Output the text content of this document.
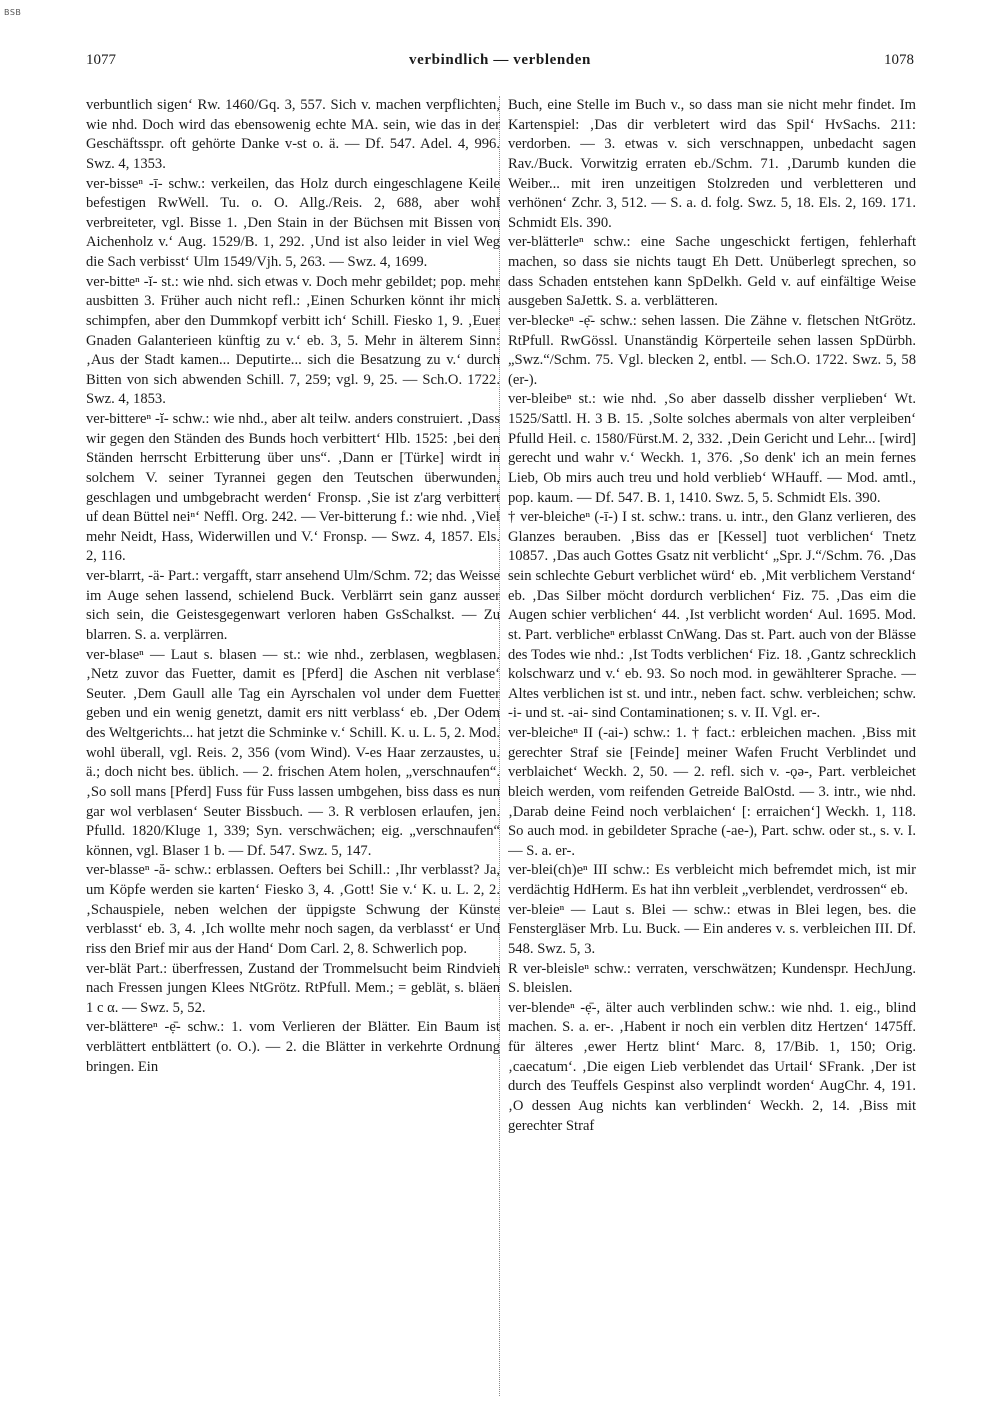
BSB
1077	verbindlich — verblenden	1078

verbuntlich sigen‘ Rw. 1460/Gq. 3, 557. Sich v. machen verpflichten, wie nhd. Doch wird das ebensowenig echte MA. sein, wie das in der Geschäftsspr. oft gehörte Danke v-st o. ä. — Df. 547. Adel. 4, 996. Swz. 4, 1353.

ver-bisseⁿ -ī- schw.: verkeilen, das Holz durch eingeschlagene Keile befestigen RwWell. Tu. o. O. Allg./Reis. 2, 688, aber wohl verbreiteter, vgl. Bisse 1. ‚Den Stain in der Büchsen mit Bissen von Aichenholz v.‘ Aug. 1529/B. 1, 292. ‚Und ist also leider in viel Weg die Sach verbisst‘ Ulm 1549/Vjh. 5, 263. — Swz. 4, 1699.

ver-bitteⁿ -ĭ- st.: wie nhd. sich etwas v. Doch mehr gebildet; pop. mehr ausbitten 3. Früher auch nicht refl.: ‚Einen Schurken könnt ihr mich schimpfen, aber den Dummkopf verbitt ich‘ Schill. Fiesko 1, 9. ‚Euer Gnaden Galanterieen künftig zu v.‘ eb. 3, 5. Mehr in älterem Sinn: ‚Aus der Stadt kamen... Deputirte... sich die Besatzung zu v.‘ durch Bitten von sich abwenden Schill. 7, 259; vgl. 9, 25. — Sch.O. 1722. Swz. 4, 1853.

ver-bittereⁿ -ĭ- schw.: wie nhd., aber alt teilw. anders construiert. ‚Dass wir gegen den Ständen des Bunds hoch verbittert‘ Hlb. 1525: ‚bei den Ständen herrscht Erbitterung über uns“. ‚Dann er [Türke] wirdt in solchem V. seiner Tyrannei gegen den Teutschen überwunden, geschlagen und umbgebracht werden‘ Fronsp. ‚Sie ist z'arg verbittert uf dean Büttel neiⁿ‘ Neffl. Org. 242. — Ver-bitterung f.: wie nhd. ‚Viel mehr Neidt, Hass, Widerwillen und V.‘ Fronsp. — Swz. 4, 1857. Els. 2, 116.

ver-blarrt, -ä- Part.: vergafft, starr ansehend Ulm/Schm. 72; das Weisse im Auge sehen lassend, schielend Buck. Verblärrt sein ganz ausser sich sein, die Geistesgegenwart verloren haben GsSchalkst. — Zu blarren. S. a. verplärren.

ver-blaseⁿ — Laut s. blasen — st.: wie nhd., zerblasen, wegblasen. ‚Netz zuvor das Fuetter, damit es [Pferd] die Aschen nit verblase‘ Seuter. ‚Dem Gaull alle Tag ein Ayrschalen vol under dem Fuetter geben und ein wenig genetzt, damit ers nitt verblass‘ eb. ‚Der Odem des Weltgerichts... hat jetzt die Schminke v.‘ Schill. K. u. L. 5, 2. Mod. wohl überall, vgl. Reis. 2, 356 (vom Wind). V-es Haar zerzaustes, u. ä.; doch nicht bes. üblich. — 2. frischen Atem holen, „verschnaufen“. ‚So soll mans [Pferd] Fuss für Fuss lassen umbgehen, biss dass es nun gar wol verblasen‘ Seuter Bissbuch. — 3. R verblosen erlaufen, jen. Pfulld. 1820/Kluge 1, 339; Syn. verschwächen; eig. „verschnaufen“ können, vgl. Blaser 1 b. — Df. 547. Swz. 5, 147.

ver-blasseⁿ -ă- schw.: erblassen. Oefters bei Schill.: ‚Ihr verblasst? Ja, um Köpfe werden sie karten‘ Fiesko 3, 4. ‚Gott! Sie v.‘ K. u. L. 2, 2. ‚Schauspiele, neben welchen der üppigste Schwung der Künste verblasst‘ eb. 3, 4. ‚Ich wollte mehr noch sagen, da verblasst‘ er Und riss den Brief mir aus der Hand‘ Dom Carl. 2, 8. Schwerlich pop.

ver-blät Part.: überfressen, Zustand der Trommelsucht beim Rindvieh nach Fressen jungen Klees NtGrötz. RtPfull. Mem.; = geblät, s. bläen 1 c α. — Swz. 5, 52.

ver-blättereⁿ -ẹ̄- schw.: 1. vom Verlieren der Blätter. Ein Baum ist verblättert entblättert (o. O.). — 2. die Blätter in verkehrte Ordnung bringen. Ein

Buch, eine Stelle im Buch v., so dass man sie nicht mehr findet. Im Kartenspiel: ‚Das dir verbletert wird das Spil‘ HvSachs. 211: verdorben. — 3. etwas v. sich verschnappen, unbedacht sagen Rav./Buck. Vorwitzig erraten eb./Schm. 71. ‚Darumb kunden die Weiber... mit iren unzeitigen Stolzreden und verbletteren und verhönen‘ Zchr. 3, 512. — S. a. d. folg. Swz. 5, 18. Els. 2, 169. 171. Schmidt Els. 390.

ver-blätterleⁿ schw.: eine Sache ungeschickt fertigen, fehlerhaft machen, so dass sie nichts taugt Eh Dett. Unüberlegt sprechen, so dass Schaden entstehen kann SpDelkh. Geld v. auf einfältige Weise ausgeben SaJettk. S. a. verblätteren.

ver-bleckeⁿ -ẹ̄- schw.: sehen lassen. Die Zähne v. fletschen NtGrötz. RtPfull. RwGössl. Unanständig Körperteile sehen lassen SpDürbh. „Swz.“/Schm. 75. Vgl. blecken 2, entbl. — Sch.O. 1722. Swz. 5, 58 (er-).

ver-bleibeⁿ st.: wie nhd. ‚So aber dasselb dissher verplieben‘ Wt. 1525/Sattl. H. 3 B. 15. ‚Solte solches abermals von alter verpleiben‘ Pfulld Heil. c. 1580/Fürst.M. 2, 332. ‚Dein Gericht und Lehr... [wird] gerecht und wahr v.‘ Weckh. 1, 376. ‚So denk' ich an mein fernes Lieb, Ob mirs auch treu und hold verblieb‘ WHauff. — Mod. amtl., pop. kaum. — Df. 547. B. 1, 1410. Swz. 5, 5. Schmidt Els. 390.

† ver-bleicheⁿ (-ī-) I st. schw.: trans. u. intr., den Glanz verlieren, des Glanzes berauben. ‚Biss das er [Kessel] tuot verblichen‘ Tnetz 10857. ‚Das auch Gottes Gsatz nit verblicht‘ „Spr. J.“/Schm. 76. ‚Das sein schlechte Geburt verblichet würd‘ eb. ‚Mit verblichem Verstand‘ eb. ‚Das Silber möcht dordurch verblichen‘ Fiz. 75. ‚Das eim die Augen schier verblichen‘ 44. ‚Ist verblicht worden‘ Aul. 1695. Mod. st. Part. verblicheⁿ erblasst CnWang. Das st. Part. auch von der Blässe des Todes wie nhd.: ‚Ist Todts verblichen‘ Fiz. 18. ‚Gantz schrecklich kolschwarz und v.‘ eb. 93. So noch mod. in gewählterer Sprache. — Altes verblichen ist st. und intr., neben fact. schw. verbleichen; schw. -i- und st. -ai- sind Contaminationen; s. v. II. Vgl. er-.

ver-bleicheⁿ II (-ai-) schw.: 1. † fact.: erbleichen machen. ‚Biss mit gerechter Straf sie [Feinde] meiner Wafen Frucht Verblindet und verblaichet‘ Weckh. 2, 50. — 2. refl. sich v. -ǫə-, Part. verbleichet bleich werden, vom reifenden Getreide BalOstd. — 3. intr., wie nhd. ‚Darab deine Feind noch verblaichen‘ [: erraichen‘] Weckh. 1, 118. So auch mod. in gebildeter Sprache (-ae-), Part. schw. oder st., s. v. I. — S. a. er-.

ver-blei(ch)eⁿ III schw.: Es verbleicht mich befremdet mich, ist mir verdächtig HdHerm. Es hat ihn verbleit „verblendet, verdrossen“ eb.

ver-bleieⁿ — Laut s. Blei — schw.: etwas in Blei legen, bes. die Fenstergläser Mrb. Lu. Buck. — Ein anderes v. s. verbleichen III. Df. 548. Swz. 5, 3.

R ver-bleisleⁿ schw.: verraten, verschwätzen; Kundenspr. HechJung. S. bleislen.

ver-blendeⁿ -ẹ̄-, älter auch verblinden schw.: wie nhd. 1. eig., blind machen. S. a. er-. ‚Habent ir noch ein verblen ditz Hertzen‘ 1475ff. für älteres ‚ewer Hertz blint‘ Marc. 8, 17/Bib. 1, 150; Orig. ‚caecatum‘. ‚Die eigen Lieb verblendet das Urtail‘ SFrank. ‚Der ist durch des Teuffels Gespinst also verplindt worden‘ AugChr. 4, 191. ‚O dessen Aug nichts kan verblinden‘ Weckh. 2, 14. ‚Biss mit gerechter Straf
